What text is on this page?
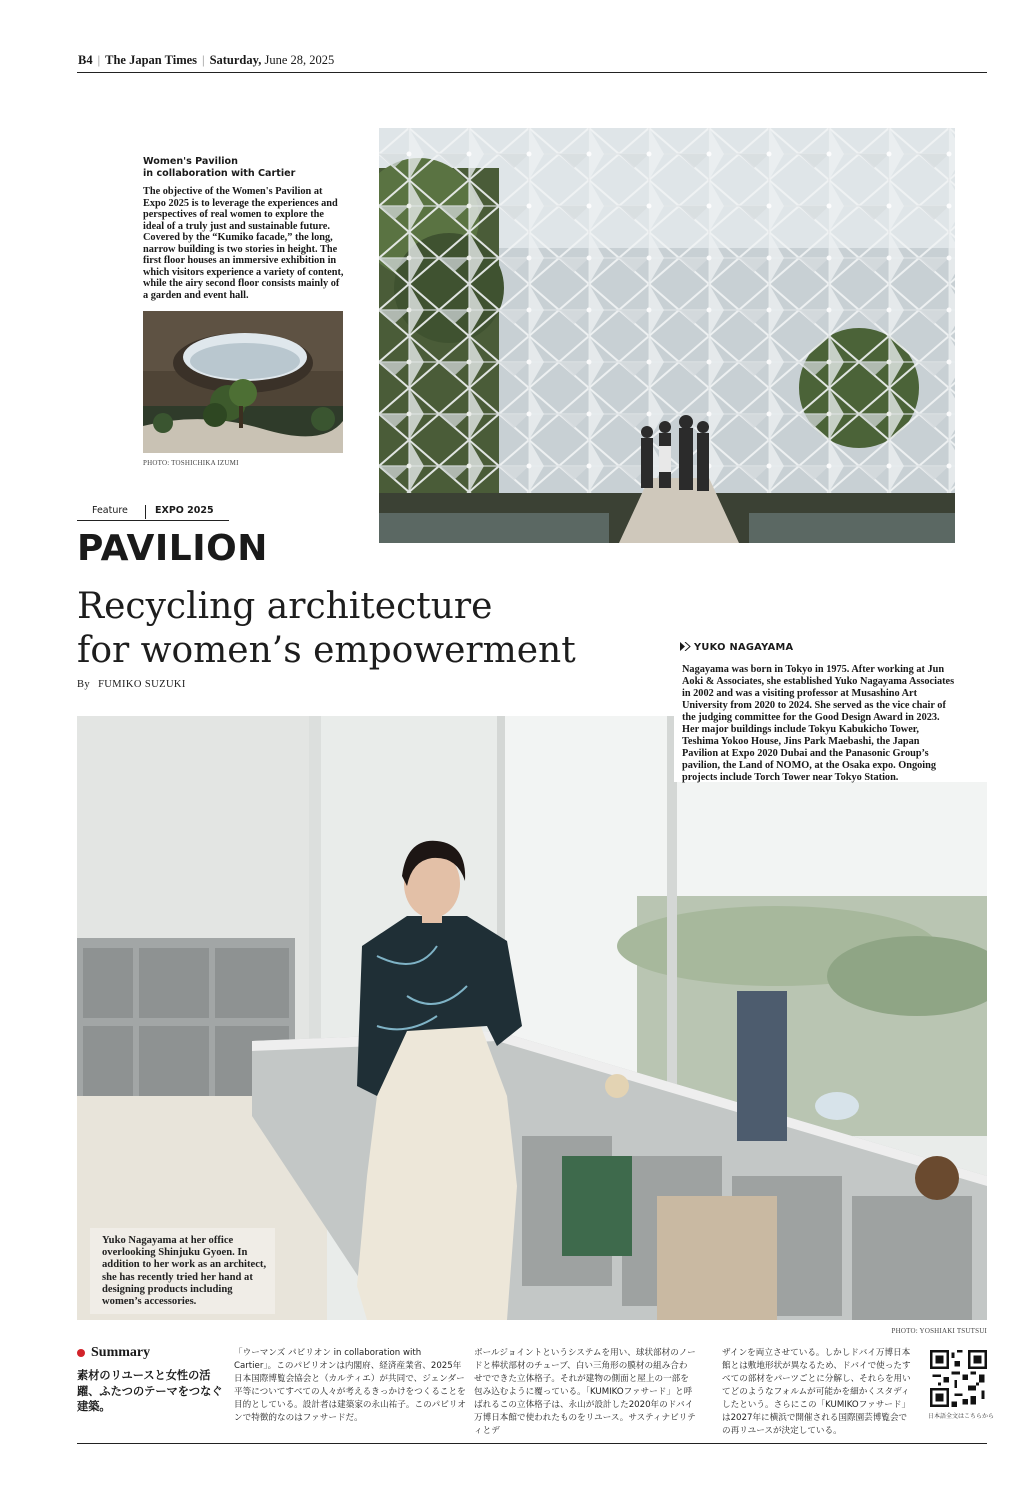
B4 | The Japan Times | Saturday, June 28, 2025
Women's Pavilion
in collaboration with Cartier
The objective of the Women's Pavilion at Expo 2025 is to leverage the experiences and perspectives of real women to explore the ideal of a truly just and sustainable future. Covered by the “Kumiko facade,” the long, narrow building is two stories in height. The first floor houses an immersive exhibition in which visitors experience a variety of content, while the airy second floor consists mainly of a garden and event hall.
PHOTO: TOSHICHIKA IZUMI
Feature	EXPO 2025
PAVILION
Recycling architecture
for women’s empowerment
By FUMIKO SUZUKI
Yuko Nagayama at her office overlooking Shinjuku Gyoen. In addition to her work as an architect, she has recently tried her hand at designing products including women’s accessories.
PHOTO: YOSHIAKI TSUTSUI
YUKO NAGAYAMA
Nagayama was born in Tokyo in 1975. After working at Jun Aoki & Associates, she established Yuko Nagayama Associates in 2002 and was a visiting professor at Musashino Art University from 2020 to 2024. She served as the vice chair of the judging committee for the Good Design Award in 2023. Her major buildings include Tokyu Kabukicho Tower, Teshima Yokoo House, Jins Park Maebashi, the Japan Pavilion at Expo 2020 Dubai and the Panasonic Group’s pavilion, the Land of NOMO, at the Osaka expo. Ongoing projects include Torch Tower near Tokyo Station.
Summary
素材のリユースと女性の活躍、ふたつのテーマをつなぐ建築。
「ウーマンズ パビリオン in collaboration with Cartier」。このパビリオンは内閣府、経済産業省、2025年日本国際博覧会協会と（カルティエ）が共同で、ジェンダー平等についてすべての人々が考えるきっかけをつくることを目的としている。設計者は建築家の永山祐子。このパビリオンで特徴的なのはファサードだ。
ボールジョイントというシステムを用い、球状部材のノードと棒状部材のチューブ、白い三角形の膜材の組み合わせでできた立体格子。それが建物の側面と屋上の一部を包み込むように覆っている。「KUMIKOファサード」と呼ばれるこの立体格子は、永山が設計した2020年のドバイ万博日本館で使われたものをリユース。サスティナビリティとデ
ザインを両立させている。しかしドバイ万博日本館とは敷地形状が異なるため、ドバイで使ったすべての部材をパーツごとに分解し、それらを用いてどのようなフォルムが可能かを細かくスタディしたという。さらにこの「KUMIKOファサード」は2027年に横浜で開催される国際園芸博覧会での再リユースが決定している。
日本語全文はこちらから
